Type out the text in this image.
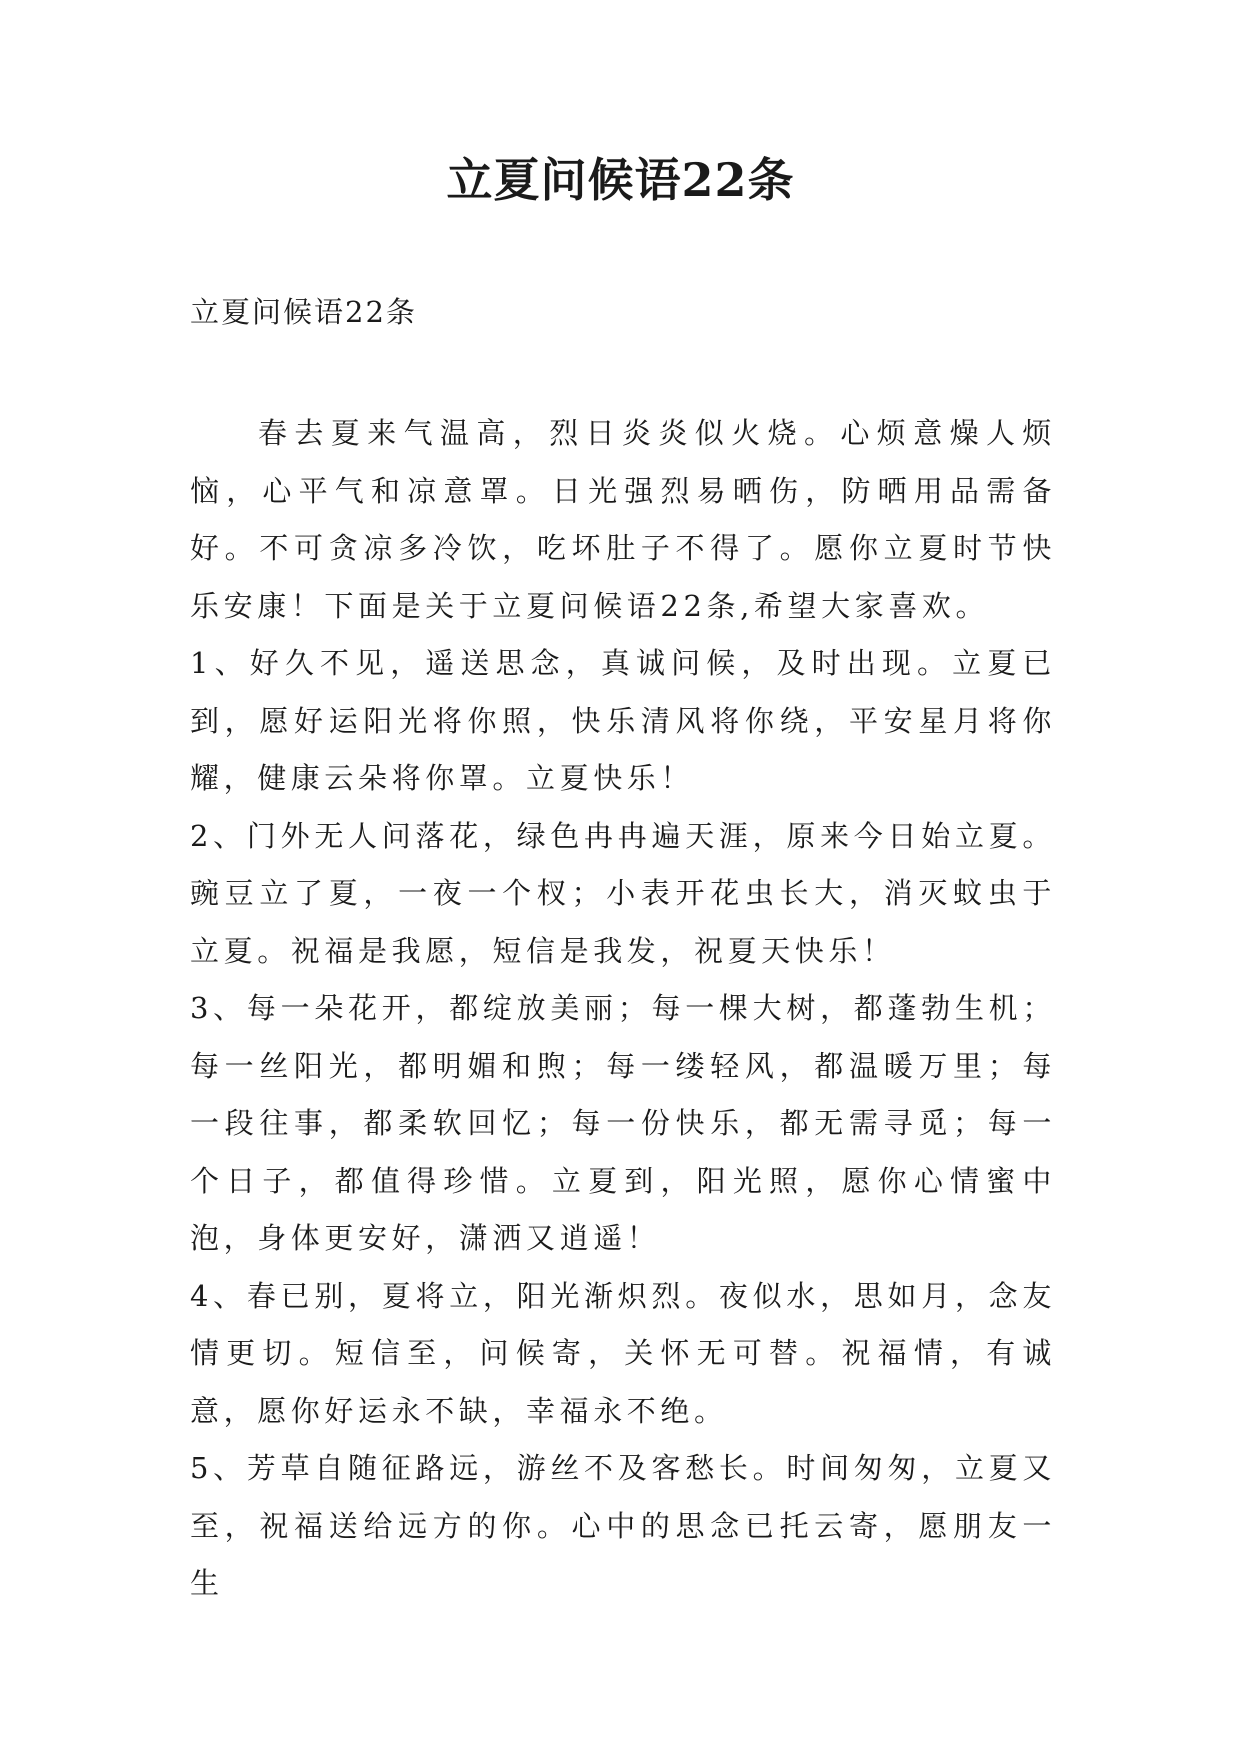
立夏问候语22条
立夏问候语22条

春去夏来气温高，烈日炎炎似火烧。心烦意燥人烦恼，心平气和凉意罩。日光强烈易晒伤，防晒用品需备好。不可贪凉多冷饮，吃坏肚子不得了。愿你立夏时节快乐安康！下面是关于立夏问候语22条,希望大家喜欢。

1、好久不见，遥送思念，真诚问候，及时出现。立夏已到，愿好运阳光将你照，快乐清风将你绕，平安星月将你耀，健康云朵将你罩。立夏快乐！

2、门外无人问落花，绿色冉冉遍天涯，原来今日始立夏。豌豆立了夏，一夜一个杈；小表开花虫长大，消灭蚊虫于立夏。祝福是我愿，短信是我发，祝夏天快乐！

3、每一朵花开，都绽放美丽；每一棵大树，都蓬勃生机；每一丝阳光，都明媚和煦；每一缕轻风，都温暖万里；每一段往事，都柔软回忆；每一份快乐，都无需寻觅；每一个日子，都值得珍惜。立夏到，阳光照，愿你心情蜜中泡，身体更安好，潇洒又逍遥！

4、春已别，夏将立，阳光渐炽烈。夜似水，思如月，念友情更切。短信至，问候寄，关怀无可替。祝福情，有诚意，愿你好运永不缺，幸福永不绝。

5、芳草自随征路远，游丝不及客愁长。时间匆匆，立夏又至，祝福送给远方的你。心中的思念已托云寄，愿朋友一生
